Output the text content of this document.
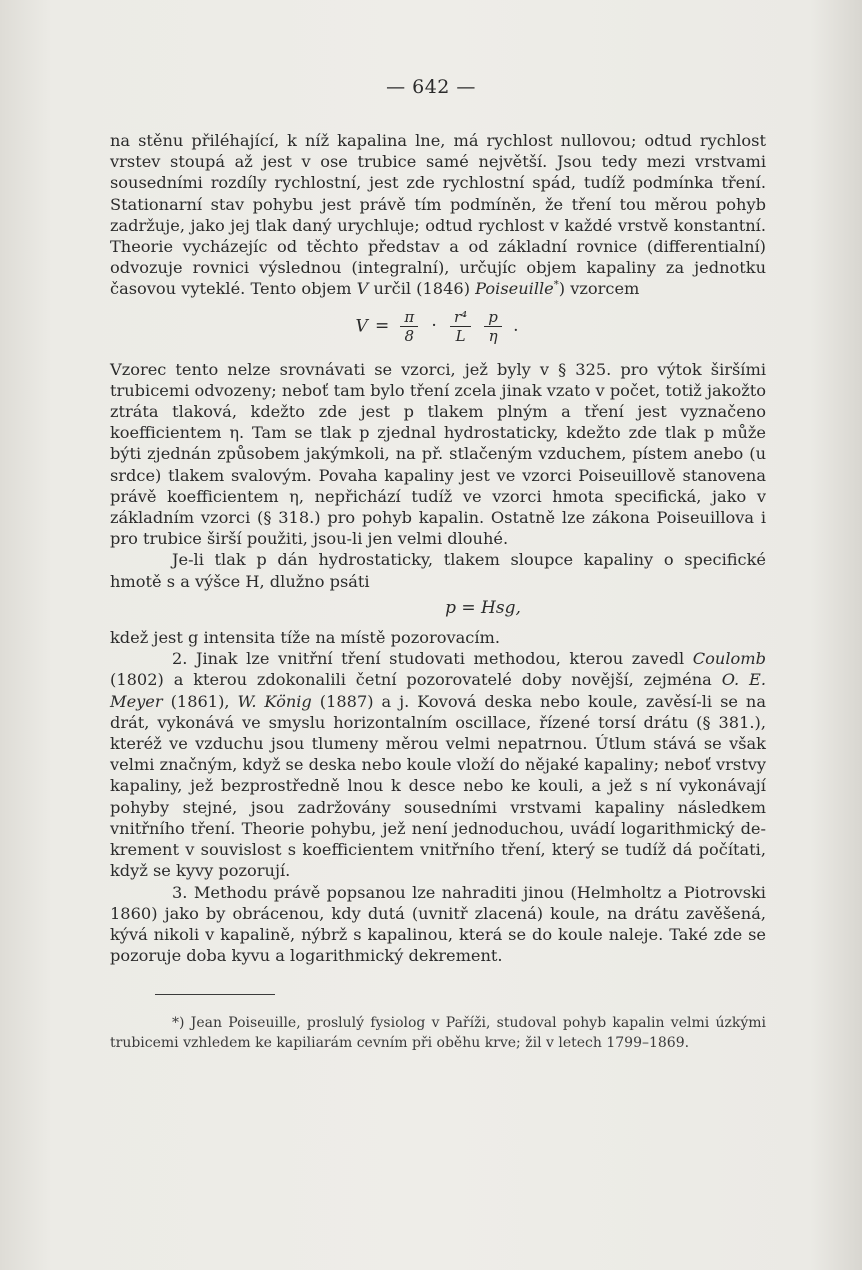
— 642 —

na stěnu přiléhající, k níž kapalina lne, má rychlost nullovou; odtud rychlost vrstev stoupá až jest v ose trubice samé největší. Jsou tedy mezi vrstvami sousedními rozdíly rychlostní, jest zde rychlostní spád, tudíž podmínka tření. Stationarní stav pohybu jest právě tím podmíněn, že tření tou měrou pohyb zadržuje, jako jej tlak daný urychluje; odtud rychlost v každé vrstvě konstantní. Theorie vycházejíc od těchto představ a od základní rovnice (differentialní) odvozuje rovnici výslednou (integralní), určujíc objem kapaliny za jednotku časovou vyteklé. Tento objem V určil (1846) Poiseuille*) vzorcem

$V = \frac{\pi}{8} \cdot \frac{\text{r⁴}}{L}$
$\frac{p}{\eta}$ .

Vzorec tento nelze srovnávati se vzorci, jež byly v § 325. pro výtok širšími trubicemi odvozeny; neboť tam bylo tření zcela jinak vzato v počet, totiž jakožto ztráta tlaková, kdežto zde jest p tlakem plným a tření jest vyznačeno koefficientem η. Tam se tlak p zjednal hydrostaticky, kdežto zde tlak p může býti zjednán způsobem jakýmkoli, na př. stlačeným vzduchem, pístem anebo (u srdce) tlakem svalovým. Povaha kapaliny jest ve vzorci Poiseuillově stanovena právě koefficientem η, nepřichází tudíž ve vzorci hmota specifická, jako v základním vzorci (§ 318.) pro pohyb kapalin. Ostatně lze zákona Poiseuillova i pro trubice širší použiti, jsou-li jen velmi dlouhé.

Je-li tlak p dán hydrostaticky, tlakem sloupce kapaliny o specifické hmotě s a výšce H, dlužno psáti

p = Hsg,

kdež jest g intensita tíže na místě pozorovacím.

2. Jinak lze vnitřní tření studovati methodou, kterou zavedl Coulomb (1802) a kterou zdokonalili četní pozorovatelé doby novější, zejména O. E. Meyer (1861), W. König (1887) a j. Kovová deska nebo koule, zavěsí-li se na drát, vykonává ve smyslu horizontalním oscillace, řízené torsí drátu (§ 381.), kteréž ve vzduchu jsou tlumeny měrou velmi nepatrnou. Útlum stává se však velmi značným, když se deska nebo koule vloží do nějaké kapaliny; neboť vrstvy kapaliny, jež bezprostředně lnou k desce nebo ke kouli, a jež s ní vykonávají pohyby stejné, jsou zadržovány sousedními vrstvami kapaliny následkem vnitřního tření. Theorie pohybu, jež není jednoduchou, uvádí logarithmický dekrement v souvislost s koefficientem vnitřního tření, který se tudíž dá počítati, když se kyvy pozorují.

3. Methodu právě popsanou lze nahraditi jinou (Helmholtz a Piotrovski 1860) jako by obrácenou, kdy dutá (uvnitř zlacená) koule, na drátu zavěšená, kývá nikoli v kapalině, nýbrž s kapalinou, která se do koule naleje. Také zde se pozoruje doba kyvu a logarithmický dekrement.

*) Jean Poiseuille, proslulý fysiolog v Paříži, studoval pohyb kapalin velmi úzkými trubicemi vzhledem ke kapiliarám cevním při oběhu krve; žil v letech 1799–1869.
